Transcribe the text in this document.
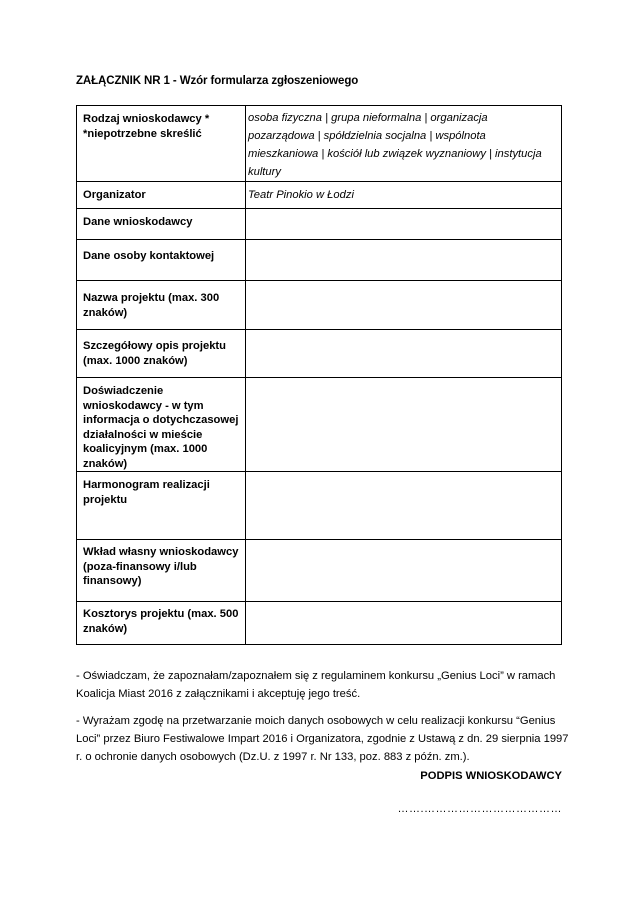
ZAŁĄCZNIK NR 1 - Wzór formularza zgłoszeniowego
Rodzaj wnioskodawcy *
*niepotrzebne skreślić	osoba fizyczna | grupa nieformalna | organizacja pozarządowa | spółdzielnia socjalna | wspólnota mieszkaniowa | kościół lub związek wyznaniowy | instytucja kultury
Organizator	Teatr Pinokio w Łodzi
Dane wnioskodawcy	
Dane osoby kontaktowej	
Nazwa projektu (max. 300 znaków)	
Szczegółowy opis projektu (max. 1000 znaków)	
Doświadczenie wnioskodawcy - w tym informacja o dotychczasowej działalności w mieście koalicyjnym (max. 1000 znaków)	
Harmonogram realizacji projektu	
Wkład własny wnioskodawcy (poza-finansowy i/lub finansowy)	
Kosztorys projektu (max. 500 znaków)	
- Oświadczam, że zapoznałam/zapoznałem się z regulaminem konkursu „Genius Loci” w ramach Koalicja Miast 2016 z załącznikami i akceptuję jego treść.
- Wyrażam zgodę na przetwarzanie moich danych osobowych w celu realizacji konkursu “Genius Loci” przez Biuro Festiwalowe Impart 2016 i Organizatora, zgodnie z Ustawą z dn. 29 sierpnia 1997 r. o ochronie danych osobowych (Dz.U. z 1997 r. Nr 133, poz. 883 z późn. zm.).
PODPIS WNIOSKODAWCY
…….………………………………
